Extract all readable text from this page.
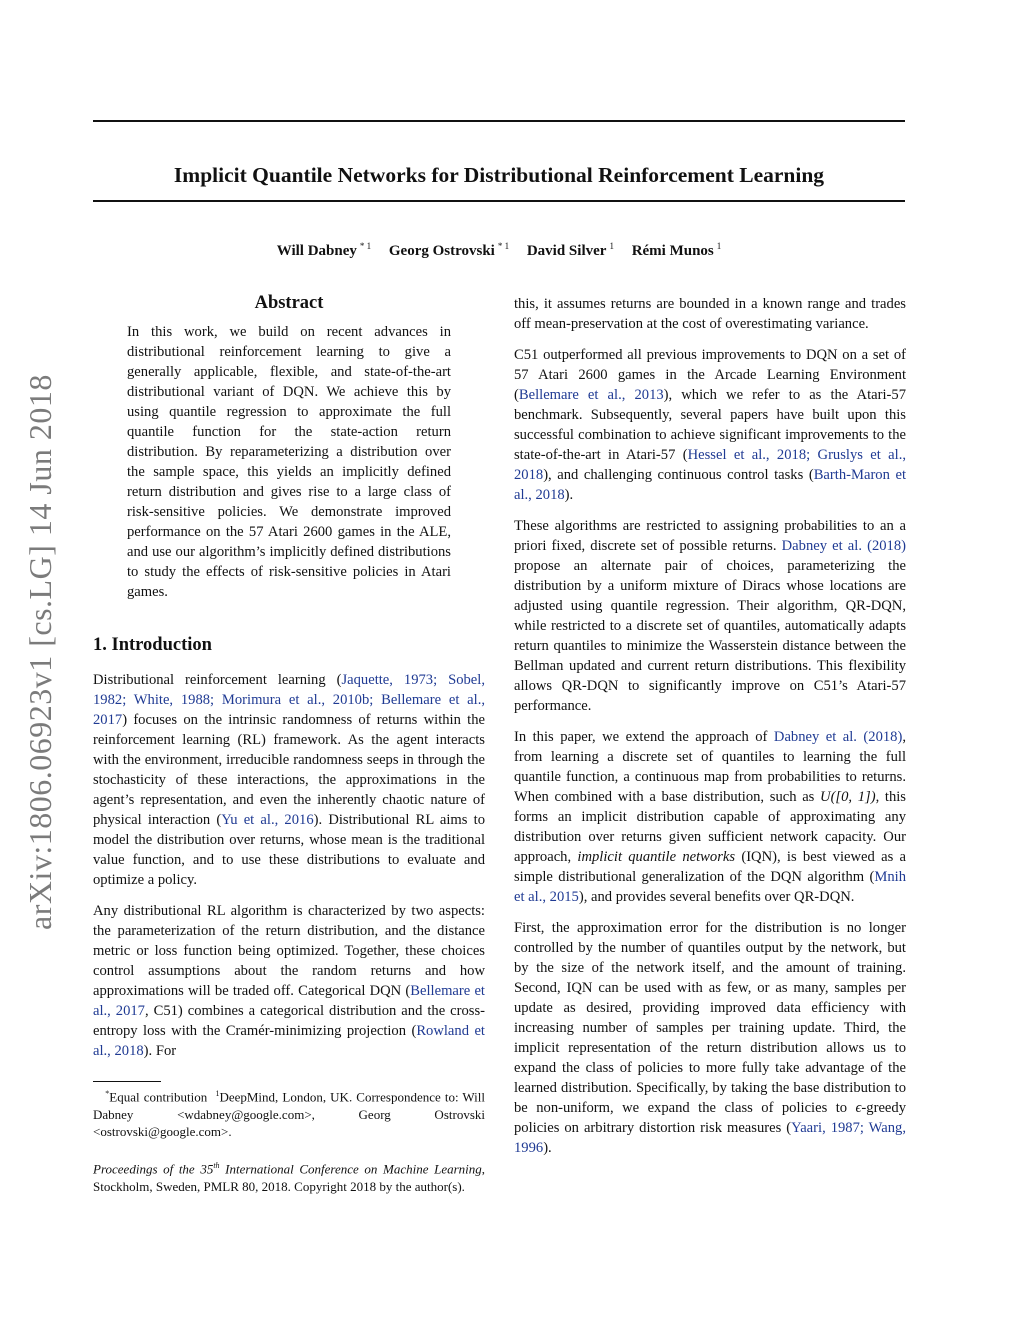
Implicit Quantile Networks for Distributional Reinforcement Learning
Will Dabney $^{* 1}$ Georg Ostrovski $^{* 1}$ David Silver $^1$ Rémi Munos $^1$
arXiv:1806.06923v1 [cs.LG] 14 Jun 2018
Abstract

In this work, we build on recent advances in distributional reinforcement learning to give a generally applicable, flexible, and state-of-the-art distributional variant of DQN. We achieve this by using quantile regression to approximate the full quantile function for the state-action return distribution. By reparameterizing a distribution over the sample space, this yields an implicitly defined return distribution and gives rise to a large class of risk-sensitive policies. We demonstrate improved performance on the 57 Atari 2600 games in the ALE, and use our algorithm’s implicitly defined distributions to study the effects of risk-sensitive policies in Atari games.

1. Introduction

Distributional reinforcement learning (Jaquette, 1973; Sobel, 1982; White, 1988; Morimura et al., 2010b; Bellemare et al., 2017) focuses on the intrinsic randomness of returns within the reinforcement learning (RL) framework. As the agent interacts with the environment, irreducible randomness seeps in through the stochasticity of these interactions, the approximations in the agent’s representation, and even the inherently chaotic nature of physical interaction (Yu et al., 2016). Distributional RL aims to model the distribution over returns, whose mean is the traditional value function, and to use these distributions to evaluate and optimize a policy.

Any distributional RL algorithm is characterized by two aspects: the parameterization of the return distribution, and the distance metric or loss function being optimized. Together, these choices control assumptions about the random returns and how approximations will be traded off. Categorical DQN (Bellemare et al., 2017, C51) combines a categorical distribution and the cross-entropy loss with the Cramér-minimizing projection (Rowland et al., 2018). For

*Equal contribution $^1$DeepMind, London, UK. Correspondence to: Will Dabney <wdabney@google.com>, Georg Ostrovski <ostrovski@google.com>.

Proceedings of the 35th International Conference on Machine Learning, Stockholm, Sweden, PMLR 80, 2018. Copyright 2018 by the author(s).

this, it assumes returns are bounded in a known range and trades off mean-preservation at the cost of overestimating variance.

C51 outperformed all previous improvements to DQN on a set of 57 Atari 2600 games in the Arcade Learning Environment (Bellemare et al., 2013), which we refer to as the Atari-57 benchmark. Subsequently, several papers have built upon this successful combination to achieve significant improvements to the state-of-the-art in Atari-57 (Hessel et al., 2018; Gruslys et al., 2018), and challenging continuous control tasks (Barth-Maron et al., 2018).

These algorithms are restricted to assigning probabilities to an a priori fixed, discrete set of possible returns. Dabney et al. (2018) propose an alternate pair of choices, parameterizing the distribution by a uniform mixture of Diracs whose locations are adjusted using quantile regression. Their algorithm, QR-DQN, while restricted to a discrete set of quantiles, automatically adapts return quantiles to minimize the Wasserstein distance between the Bellman updated and current return distributions. This flexibility allows QR-DQN to significantly improve on C51’s Atari-57 performance.

In this paper, we extend the approach of Dabney et al. (2018), from learning a discrete set of quantiles to learning the full quantile function, a continuous map from probabilities to returns. When combined with a base distribution, such as U([0, 1]), this forms an implicit distribution capable of approximating any distribution over returns given sufficient network capacity. Our approach, implicit quantile networks (IQN), is best viewed as a simple distributional generalization of the DQN algorithm (Mnih et al., 2015), and provides several benefits over QR-DQN.

First, the approximation error for the distribution is no longer controlled by the number of quantiles output by the network, but by the size of the network itself, and the amount of training. Second, IQN can be used with as few, or as many, samples per update as desired, providing improved data efficiency with increasing number of samples per training update. Third, the implicit representation of the return distribution allows us to expand the class of policies to more fully take advantage of the learned distribution. Specifically, by taking the base distribution to be non-uniform, we expand the class of policies to ϵ-greedy policies on arbitrary distortion risk measures (Yaari, 1987; Wang, 1996).
